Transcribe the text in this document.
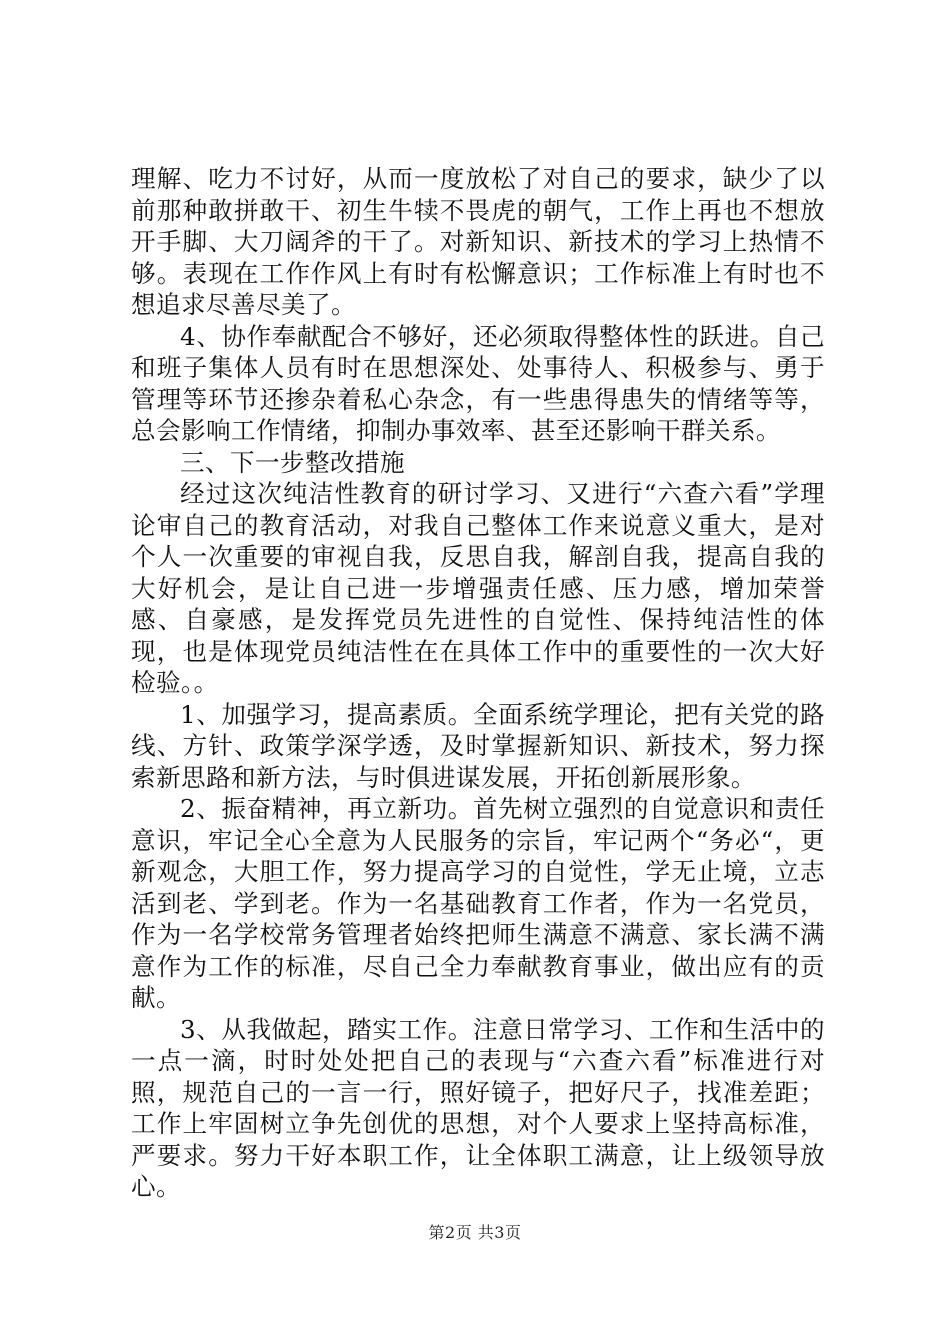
理解、吃力不讨好，从而一度放松了对自己的要求，缺少了以前那种敢拼敢干、初生牛犊不畏虎的朝气，工作上再也不想放开手脚、大刀阔斧的干了。对新知识、新技术的学习上热情不够。表现在工作作风上有时有松懈意识；工作标准上有时也不想追求尽善尽美了。

4、协作奉献配合不够好，还必须取得整体性的跃进。自己和班子集体人员有时在思想深处、处事待人、积极参与、勇于管理等环节还掺杂着私心杂念，有一些患得患失的情绪等等，总会影响工作情绪，抑制办事效率、甚至还影响干群关系。

三、下一步整改措施

经过这次纯洁性教育的研讨学习、又进行“六查六看”学理论审自己的教育活动，对我自己整体工作来说意义重大，是对个人一次重要的审视自我，反思自我，解剖自我，提高自我的大好机会，是让自己进一步增强责任感、压力感，增加荣誉感、自豪感，是发挥党员先进性的自觉性、保持纯洁性的体现，也是体现党员纯洁性在在具体工作中的重要性的一次大好检验。。

1、加强学习，提高素质。全面系统学理论，把有关党的路线、方针、政策学深学透，及时掌握新知识、新技术，努力探索新思路和新方法，与时俱进谋发展，开拓创新展形象。

2、振奋精神，再立新功。首先树立强烈的自觉意识和责任意识，牢记全心全意为人民服务的宗旨，牢记两个“务必“，更新观念，大胆工作，努力提高学习的自觉性，学无止境，立志活到老、学到老。作为一名基础教育工作者，作为一名党员，作为一名学校常务管理者始终把师生满意不满意、家长满不满意作为工作的标准，尽自己全力奉献教育事业，做出应有的贡献。

3、从我做起，踏实工作。注意日常学习、工作和生活中的一点一滴，时时处处把自己的表现与“六查六看”标准进行对照，规范自己的一言一行，照好镜子，把好尺子，找准差距；工作上牢固树立争先创优的思想，对个人要求上坚持高标准，严要求。努力干好本职工作，让全体职工满意，让上级领导放心。

第2页 共3页
